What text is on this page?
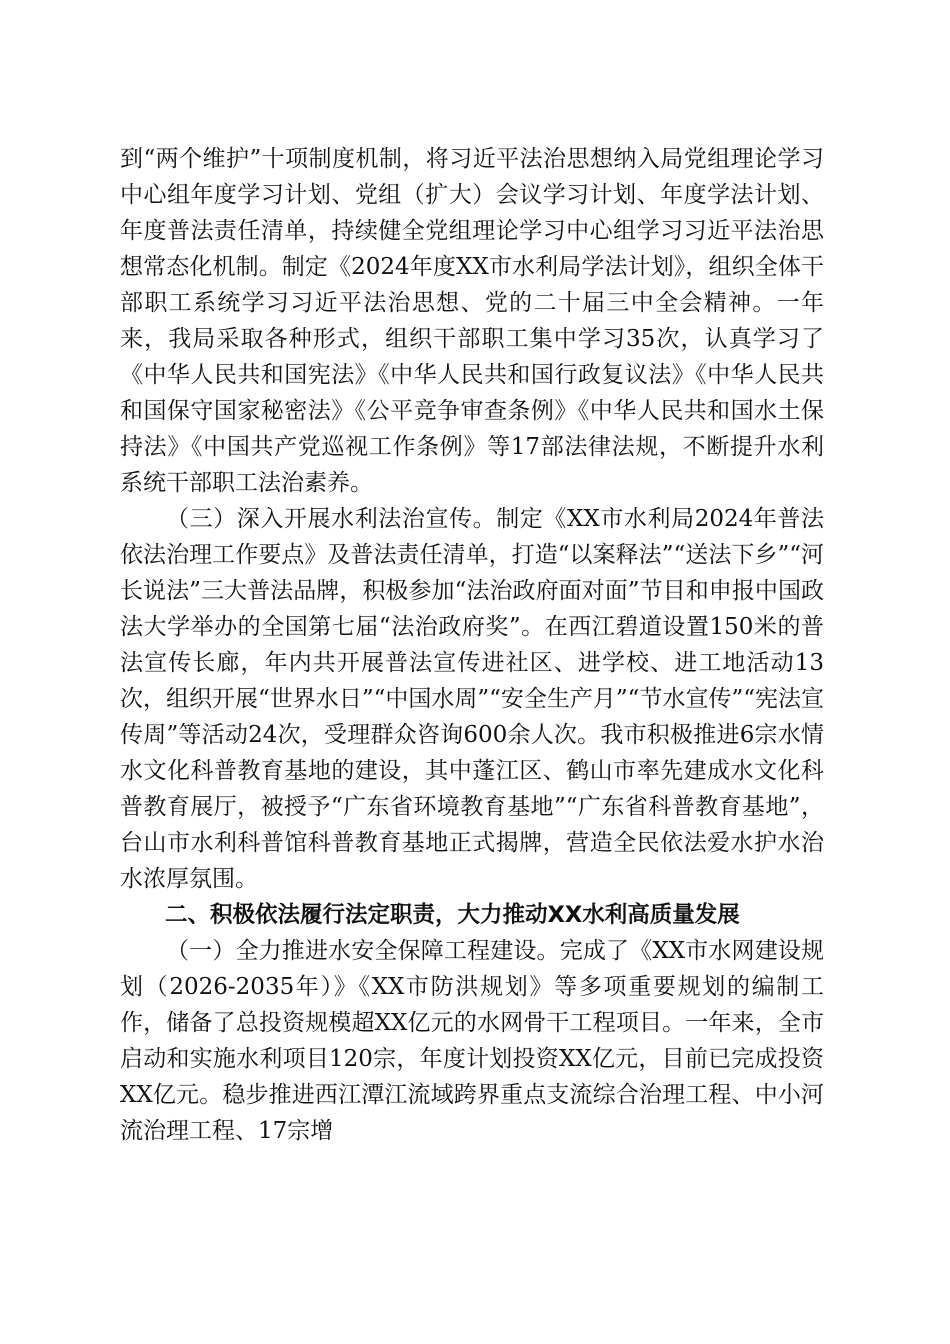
到“两个维护”十项制度机制，将习近平法治思想纳入局党组理论学习中心组年度学习计划、党组（扩大）会议学习计划、年度学法计划、年度普法责任清单，持续健全党组理论学习中心组学习习近平法治思想常态化机制。制定《2024年度XX市水利局学法计划》，组织全体干部职工系统学习习近平法治思想、党的二十届三中全会精神。一年来，我局采取各种形式，组织干部职工集中学习35次，认真学习了《中华人民共和国宪法》《中华人民共和国行政复议法》《中华人民共和国保守国家秘密法》《公平竞争审查条例》《中华人民共和国水土保持法》《中国共产党巡视工作条例》等17部法律法规，不断提升水利系统干部职工法治素养。

（三）深入开展水利法治宣传。制定《XX市水利局2024年普法依法治理工作要点》及普法责任清单，打造“以案释法”“送法下乡”“河长说法”三大普法品牌，积极参加“法治政府面对面”节目和申报中国政法大学举办的全国第七届“法治政府奖”。在西江碧道设置150米的普法宣传长廊，年内共开展普法宣传进社区、进学校、进工地活动13次，组织开展“世界水日”“中国水周”“安全生产月”“节水宣传”“宪法宣传周”等活动24次，受理群众咨询600余人次。我市积极推进6宗水情水文化科普教育基地的建设，其中蓬江区、鹤山市率先建成水文化科普教育展厅，被授予“广东省环境教育基地”“广东省科普教育基地”，台山市水利科普馆科普教育基地正式揭牌，营造全民依法爱水护水治水浓厚氛围。

二、积极依法履行法定职责，大力推动XX水利高质量发展

（一）全力推进水安全保障工程建设。完成了《XX市水网建设规划（2026-2035年）》《XX市防洪规划》等多项重要规划的编制工作，储备了总投资规模超XX亿元的水网骨干工程项目。一年来，全市启动和实施水利项目120宗，年度计划投资XX亿元，目前已完成投资XX亿元。稳步推进西江潭江流域跨界重点支流综合治理工程、中小河流治理工程、17宗增
